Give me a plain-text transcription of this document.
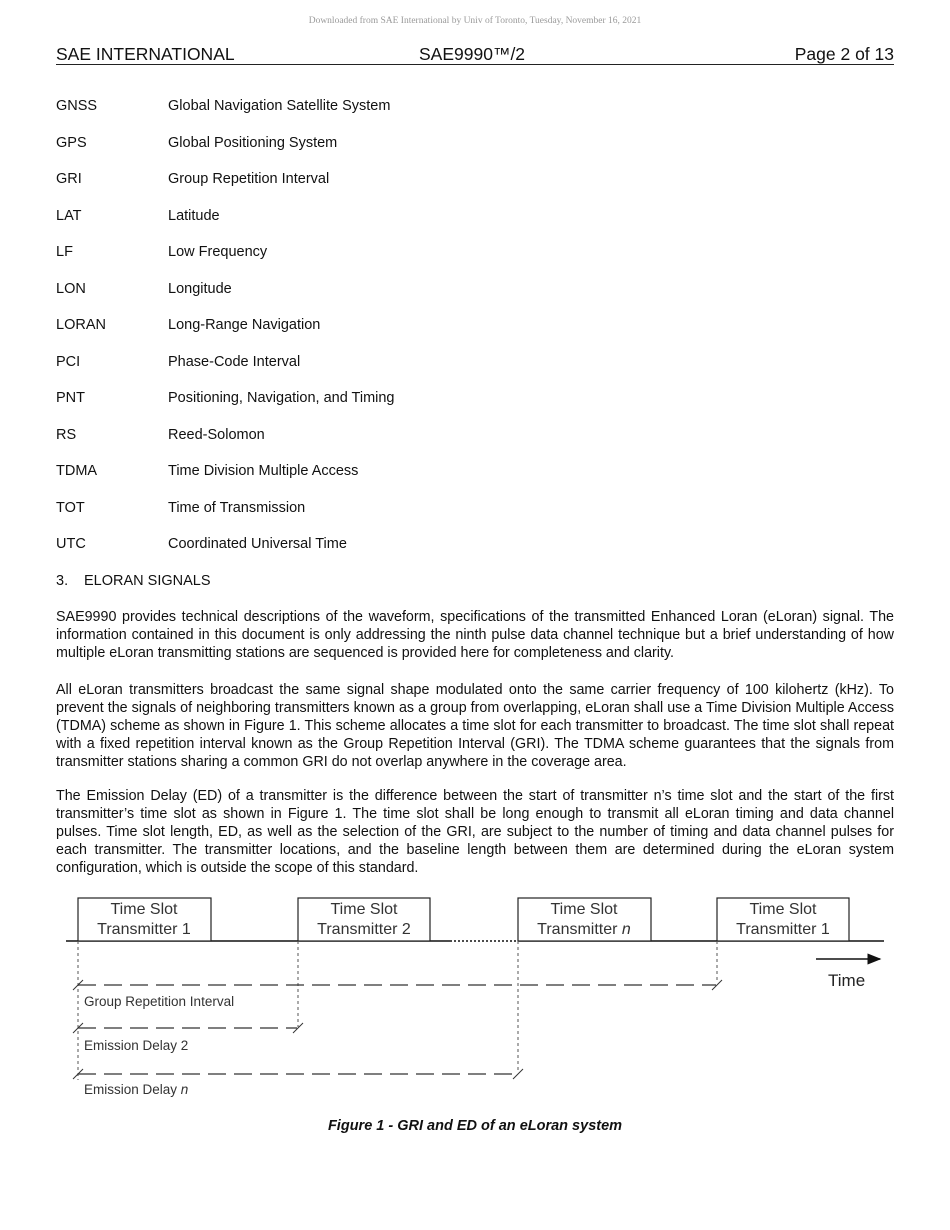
Downloaded from SAE International by Univ of Toronto, Tuesday, November 16, 2021
SAE INTERNATIONAL	SAE9990™/2	Page 2 of 13
GNSS	Global Navigation Satellite System
GPS	Global Positioning System
GRI	Group Repetition Interval
LAT	Latitude
LF	Low Frequency
LON	Longitude
LORAN	Long-Range Navigation
PCI	Phase-Code Interval
PNT	Positioning, Navigation, and Timing
RS	Reed-Solomon
TDMA	Time Division Multiple Access
TOT	Time of Transmission
UTC	Coordinated Universal Time
3. ELORAN SIGNALS

SAE9990 provides technical descriptions of the waveform, specifications of the transmitted Enhanced Loran (eLoran) signal. The information contained in this document is only addressing the ninth pulse data channel technique but a brief understanding of how multiple eLoran transmitting stations are sequenced is provided here for completeness and clarity.

All eLoran transmitters broadcast the same signal shape modulated onto the same carrier frequency of 100 kilohertz (kHz). To prevent the signals of neighboring transmitters known as a group from overlapping, eLoran shall use a Time Division Multiple Access (TDMA) scheme as shown in Figure 1. This scheme allocates a time slot for each transmitter to broadcast. The time slot shall repeat with a fixed repetition interval known as the Group Repetition Interval (GRI). The TDMA scheme guarantees that the signals from transmitter stations sharing a common GRI do not overlap anywhere in the coverage area.

The Emission Delay (ED) of a transmitter is the difference between the start of transmitter n’s time slot and the start of the first transmitter’s time slot as shown in Figure 1. The time slot shall be long enough to transmit all eLoran timing and data channel pulses. Time slot length, ED, as well as the selection of the GRI, are subject to the number of timing and data channel pulses for each transmitter. The transmitter locations, and the baseline length between them are determined during the eLoran system configuration, which is outside the scope of this standard.

Time Slot
Transmitter 1
Time Slot
Transmitter 2
Time Slot
Transmitter n
Time Slot
Transmitter 1
Group Repetition Interval
Emission Delay 2
Emission Delay n
Time
Figure 1 - GRI and ED of an eLoran system
